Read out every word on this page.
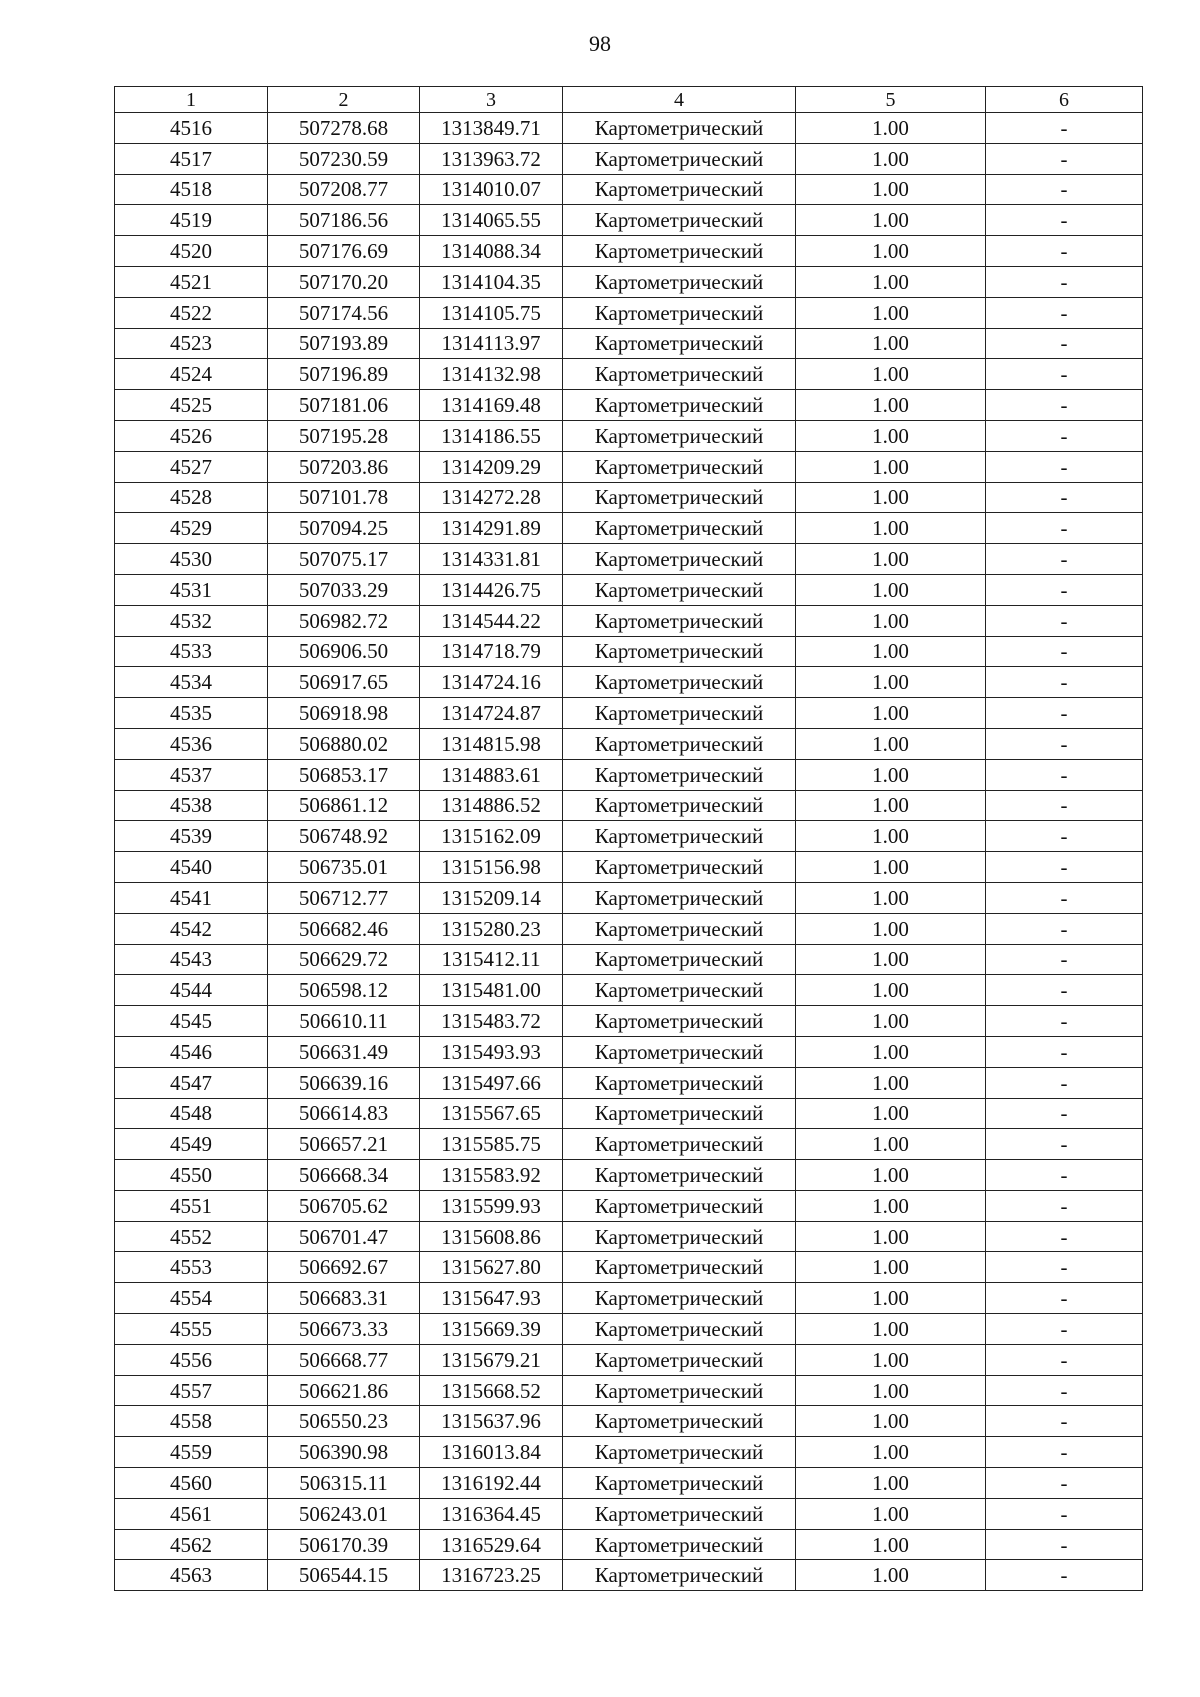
98
1	2	3	4	5	6
4516	507278.68	1313849.71	Картометрический	1.00	-
4517	507230.59	1313963.72	Картометрический	1.00	-
4518	507208.77	1314010.07	Картометрический	1.00	-
4519	507186.56	1314065.55	Картометрический	1.00	-
4520	507176.69	1314088.34	Картометрический	1.00	-
4521	507170.20	1314104.35	Картометрический	1.00	-
4522	507174.56	1314105.75	Картометрический	1.00	-
4523	507193.89	1314113.97	Картометрический	1.00	-
4524	507196.89	1314132.98	Картометрический	1.00	-
4525	507181.06	1314169.48	Картометрический	1.00	-
4526	507195.28	1314186.55	Картометрический	1.00	-
4527	507203.86	1314209.29	Картометрический	1.00	-
4528	507101.78	1314272.28	Картометрический	1.00	-
4529	507094.25	1314291.89	Картометрический	1.00	-
4530	507075.17	1314331.81	Картометрический	1.00	-
4531	507033.29	1314426.75	Картометрический	1.00	-
4532	506982.72	1314544.22	Картометрический	1.00	-
4533	506906.50	1314718.79	Картометрический	1.00	-
4534	506917.65	1314724.16	Картометрический	1.00	-
4535	506918.98	1314724.87	Картометрический	1.00	-
4536	506880.02	1314815.98	Картометрический	1.00	-
4537	506853.17	1314883.61	Картометрический	1.00	-
4538	506861.12	1314886.52	Картометрический	1.00	-
4539	506748.92	1315162.09	Картометрический	1.00	-
4540	506735.01	1315156.98	Картометрический	1.00	-
4541	506712.77	1315209.14	Картометрический	1.00	-
4542	506682.46	1315280.23	Картометрический	1.00	-
4543	506629.72	1315412.11	Картометрический	1.00	-
4544	506598.12	1315481.00	Картометрический	1.00	-
4545	506610.11	1315483.72	Картометрический	1.00	-
4546	506631.49	1315493.93	Картометрический	1.00	-
4547	506639.16	1315497.66	Картометрический	1.00	-
4548	506614.83	1315567.65	Картометрический	1.00	-
4549	506657.21	1315585.75	Картометрический	1.00	-
4550	506668.34	1315583.92	Картометрический	1.00	-
4551	506705.62	1315599.93	Картометрический	1.00	-
4552	506701.47	1315608.86	Картометрический	1.00	-
4553	506692.67	1315627.80	Картометрический	1.00	-
4554	506683.31	1315647.93	Картометрический	1.00	-
4555	506673.33	1315669.39	Картометрический	1.00	-
4556	506668.77	1315679.21	Картометрический	1.00	-
4557	506621.86	1315668.52	Картометрический	1.00	-
4558	506550.23	1315637.96	Картометрический	1.00	-
4559	506390.98	1316013.84	Картометрический	1.00	-
4560	506315.11	1316192.44	Картометрический	1.00	-
4561	506243.01	1316364.45	Картометрический	1.00	-
4562	506170.39	1316529.64	Картометрический	1.00	-
4563	506544.15	1316723.25	Картометрический	1.00	-
